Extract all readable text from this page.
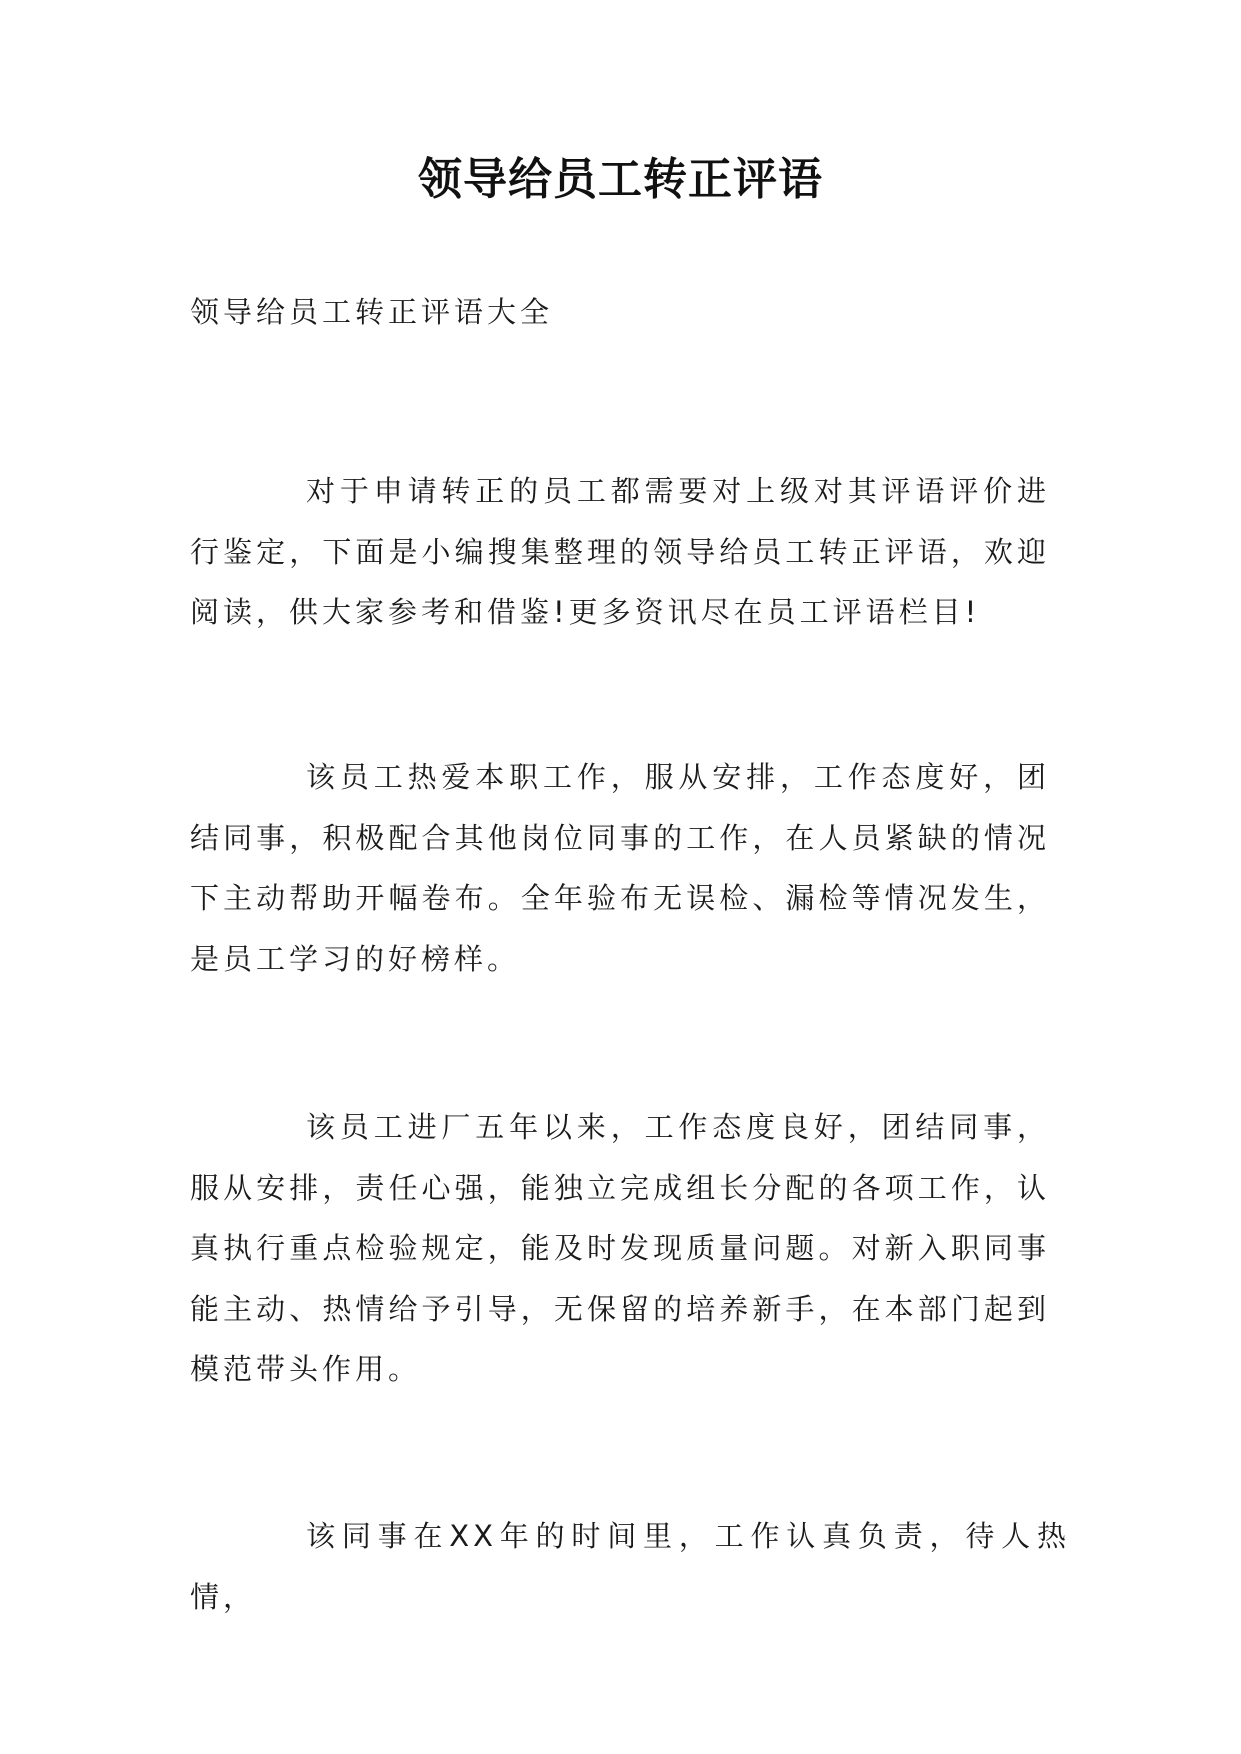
领导给员工转正评语
领导给员工转正评语大全

对于申请转正的员工都需要对上级对其评语评价进行鉴定，下面是小编搜集整理的领导给员工转正评语，欢迎阅读，供大家参考和借鉴!更多资讯尽在员工评语栏目!

该员工热爱本职工作，服从安排，工作态度好，团结同事，积极配合其他岗位同事的工作，在人员紧缺的情况下主动帮助开幅卷布。全年验布无误检、漏检等情况发生，是员工学习的好榜样。

该员工进厂五年以来，工作态度良好，团结同事，服从安排，责任心强，能独立完成组长分配的各项工作，认真执行重点检验规定，能及时发现质量问题。对新入职同事能主动、热情给予引导，无保留的培养新手，在本部门起到模范带头作用。

该同事在XX年的时间里，工作认真负责，待人热情，
